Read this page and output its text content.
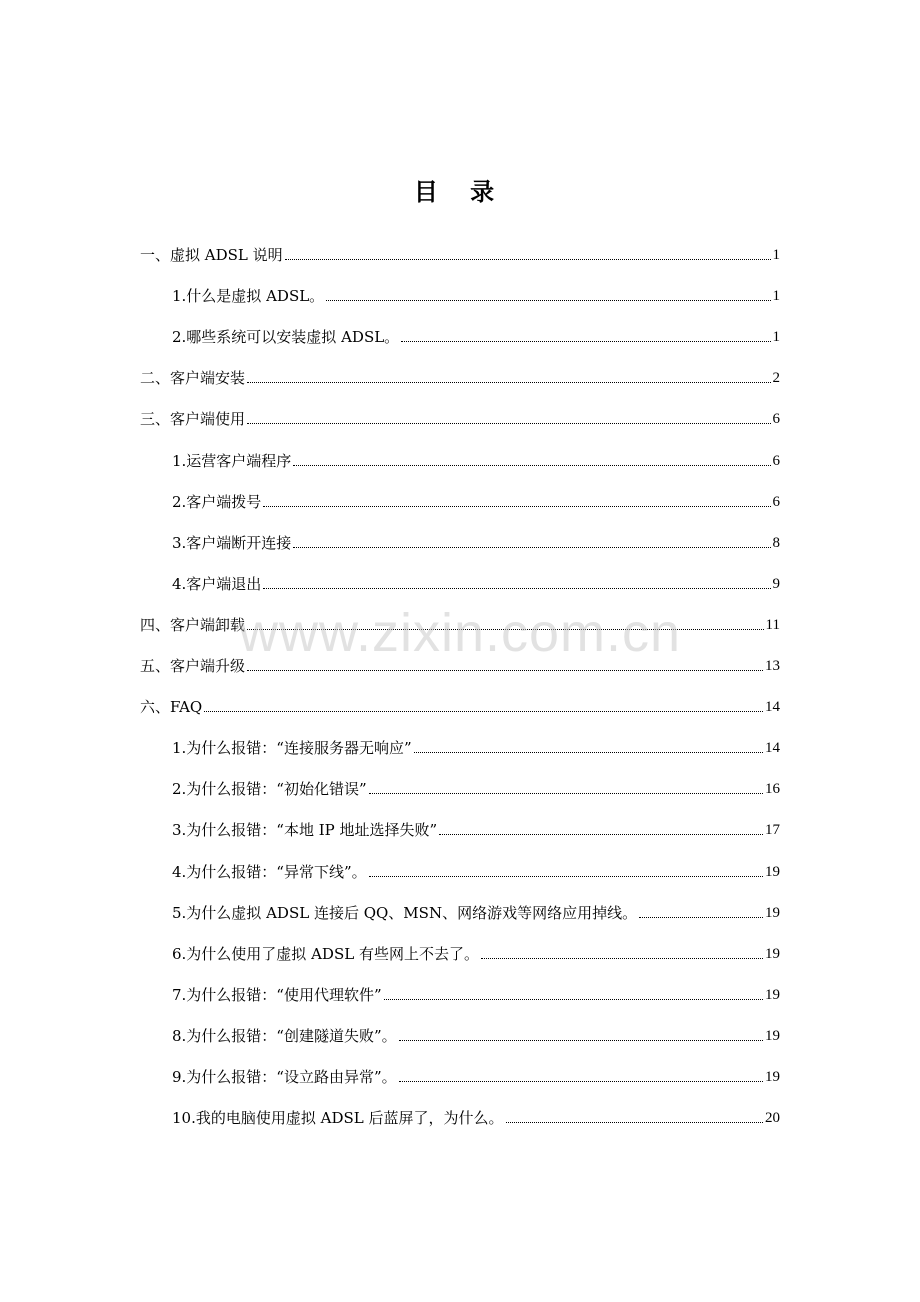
目 录
一、虚拟 ADSL 说明	1
1.什么是虚拟 ADSL。	1
2.哪些系统可以安装虚拟 ADSL。	1
二、客户端安装	2
三、客户端使用	6
1.运营客户端程序	6
2.客户端拨号	6
3.客户端断开连接	8
4.客户端退出	9
四、客户端卸载	11
五、客户端升级	13
六、FAQ	14
1.为什么报错：“连接服务器无响应”	14
2.为什么报错：“初始化错误”	16
3.为什么报错：“本地 IP 地址选择失败”	17
4.为什么报错：“异常下线”。	19
5.为什么虚拟 ADSL 连接后 QQ、MSN、网络游戏等网络应用掉线。	19
6.为什么使用了虚拟 ADSL 有些网上不去了。	19
7.为什么报错：“使用代理软件”	19
8.为什么报错：“创建隧道失败”。	19
9.为什么报错：“设立路由异常”。	19
10.我的电脑使用虚拟 ADSL 后蓝屏了，为什么。	20
www.zixin.com.cn
